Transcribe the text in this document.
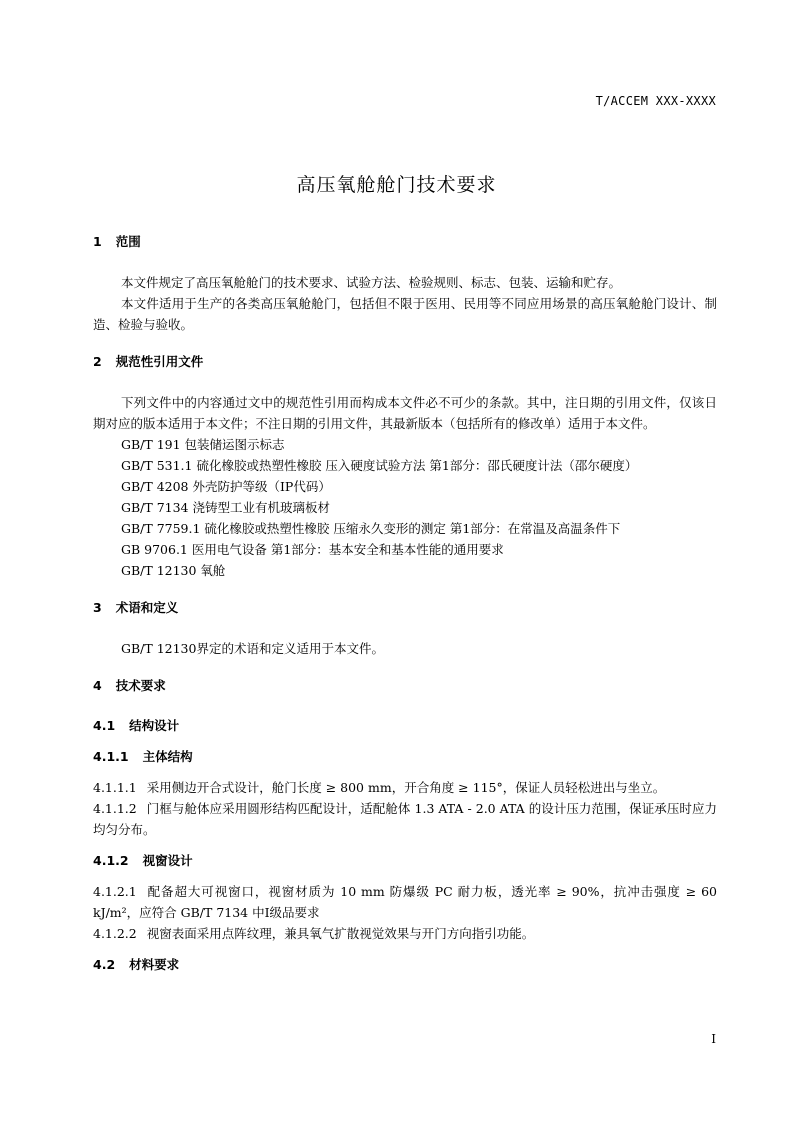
T/ACCEM XXX-XXXX
高压氧舱舱门技术要求
1 范围
本文件规定了高压氧舱舱门的技术要求、试验方法、检验规则、标志、包装、运输和贮存。
本文件适用于生产的各类高压氧舱舱门，包括但不限于医用、民用等不同应用场景的高压氧舱舱门设计、制造、检验与验收。
2 规范性引用文件
下列文件中的内容通过文中的规范性引用而构成本文件必不可少的条款。其中，注日期的引用文件，仅该日期对应的版本适用于本文件；不注日期的引用文件，其最新版本（包括所有的修改单）适用于本文件。
GB/T 191 包装储运图示标志
GB/T 531.1 硫化橡胶或热塑性橡胶 压入硬度试验方法 第1部分：邵氏硬度计法（邵尔硬度）
GB/T 4208 外壳防护等级（IP代码）
GB/T 7134 浇铸型工业有机玻璃板材
GB/T 7759.1 硫化橡胶或热塑性橡胶 压缩永久变形的测定 第1部分：在常温及高温条件下
GB 9706.1 医用电气设备 第1部分：基本安全和基本性能的通用要求
GB/T 12130 氧舱
3 术语和定义
GB/T 12130界定的术语和定义适用于本文件。
4 技术要求
4.1 结构设计
4.1.1 主体结构
4.1.1.1 采用侧边开合式设计，舱门长度 ≥ 800 mm，开合角度 ≥ 115°，保证人员轻松进出与坐立。
4.1.1.2 门框与舱体应采用圆形结构匹配设计，适配舱体 1.3 ATA - 2.0 ATA 的设计压力范围，保证承压时应力均匀分布。
4.1.2 视窗设计
4.1.2.1 配备超大可视窗口，视窗材质为 10 mm 防爆级 PC 耐力板，透光率 ≥ 90%，抗冲击强度 ≥ 60 kJ/m²，应符合 GB/T 7134 中Ⅰ级品要求
4.1.2.2 视窗表面采用点阵纹理，兼具氧气扩散视觉效果与开门方向指引功能。
4.2 材料要求
I
